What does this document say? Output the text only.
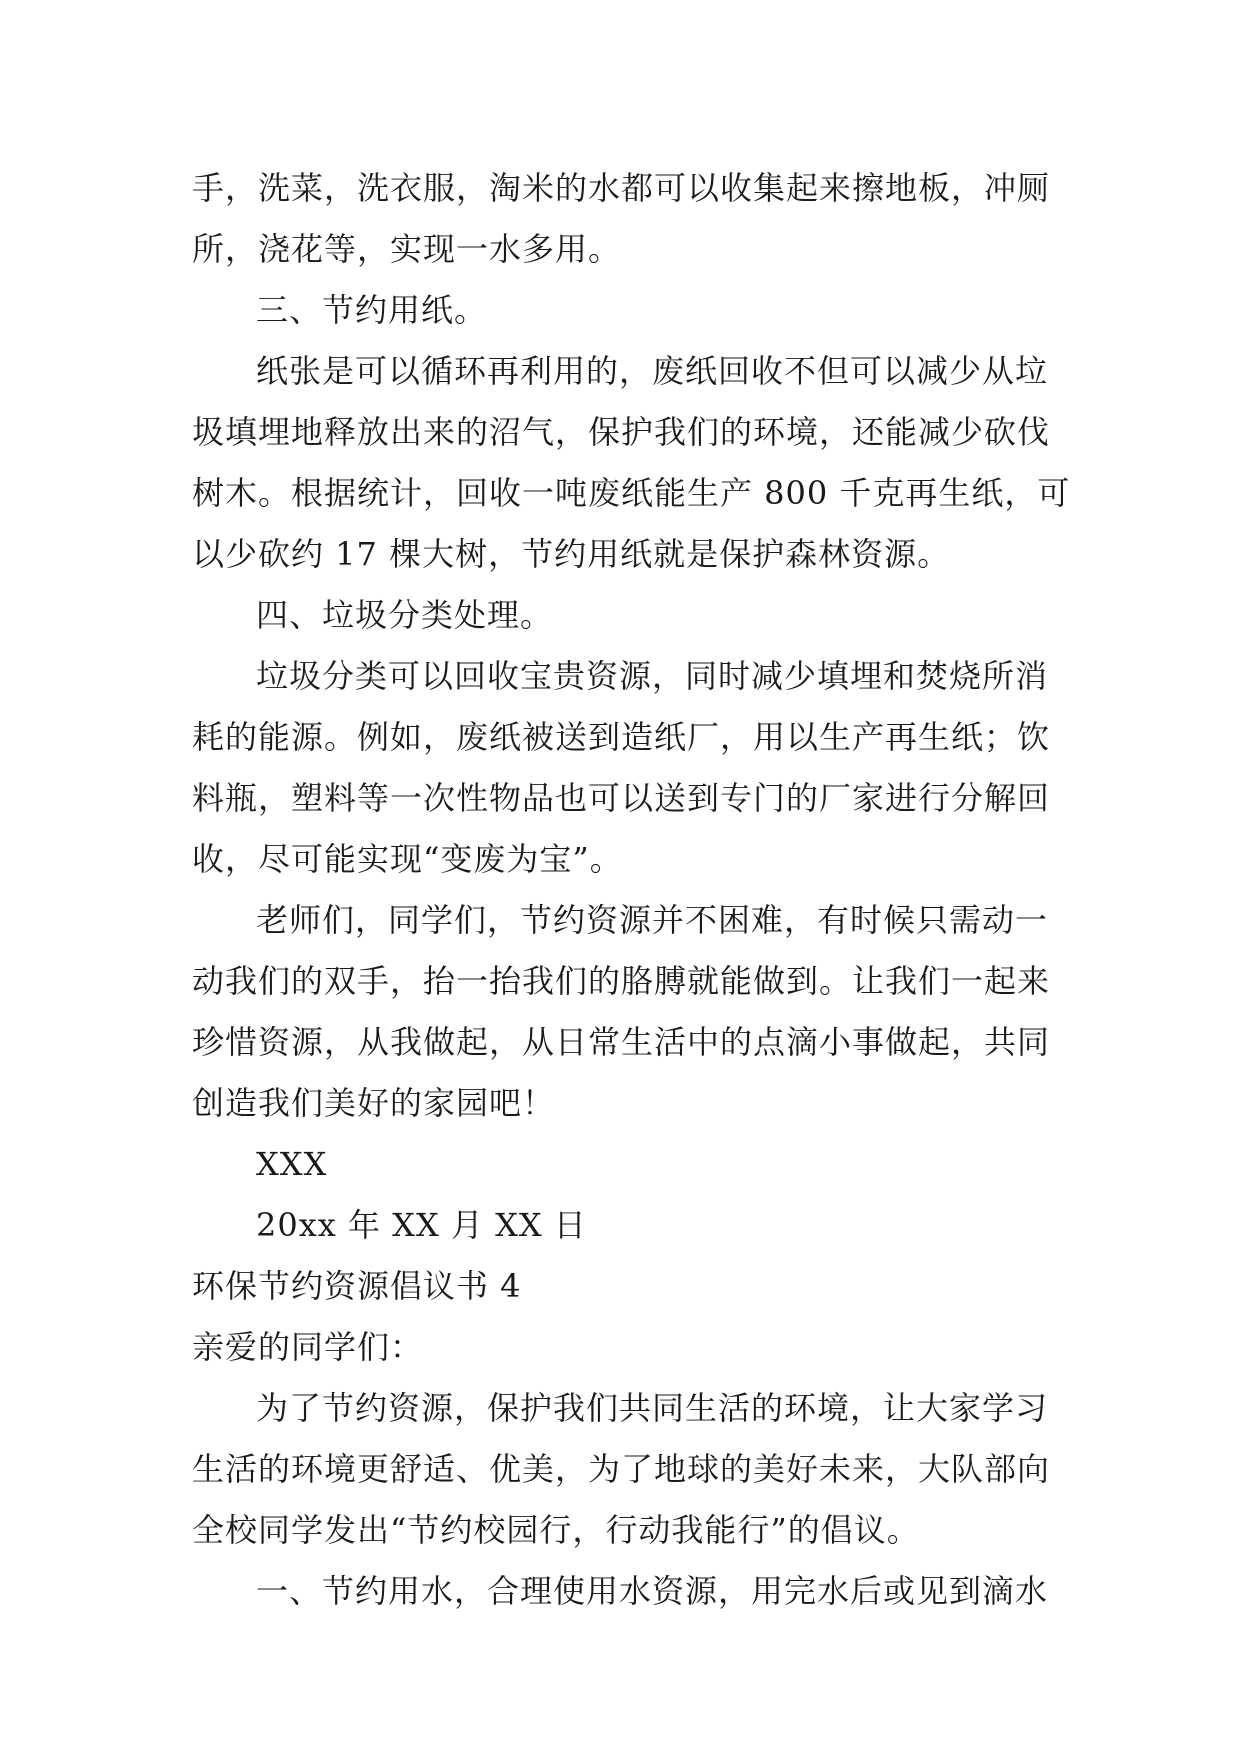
手，洗菜，洗衣服，淘米的水都可以收集起来擦地板，冲厕
所，浇花等，实现一水多用。
三、节约用纸。
纸张是可以循环再利用的，废纸回收不但可以减少从垃
圾填埋地释放出来的沼气，保护我们的环境，还能减少砍伐
树木。根据统计，回收一吨废纸能生产 800 千克再生纸，可
以少砍约 17 棵大树，节约用纸就是保护森林资源。
四、垃圾分类处理。
垃圾分类可以回收宝贵资源，同时减少填埋和焚烧所消
耗的能源。例如，废纸被送到造纸厂，用以生产再生纸；饮
料瓶，塑料等一次性物品也可以送到专门的厂家进行分解回
收，尽可能实现“变废为宝”。
老师们，同学们，节约资源并不困难，有时候只需动一
动我们的双手，抬一抬我们的胳膊就能做到。让我们一起来
珍惜资源，从我做起，从日常生活中的点滴小事做起，共同
创造我们美好的家园吧！
XXX
20xx 年 XX 月 XX 日
环保节约资源倡议书 4
亲爱的同学们：
为了节约资源，保护我们共同生活的环境，让大家学习
生活的环境更舒适、优美，为了地球的美好未来，大队部向
全校同学发出“节约校园行，行动我能行”的倡议。
一、节约用水，合理使用水资源，用完水后或见到滴水
